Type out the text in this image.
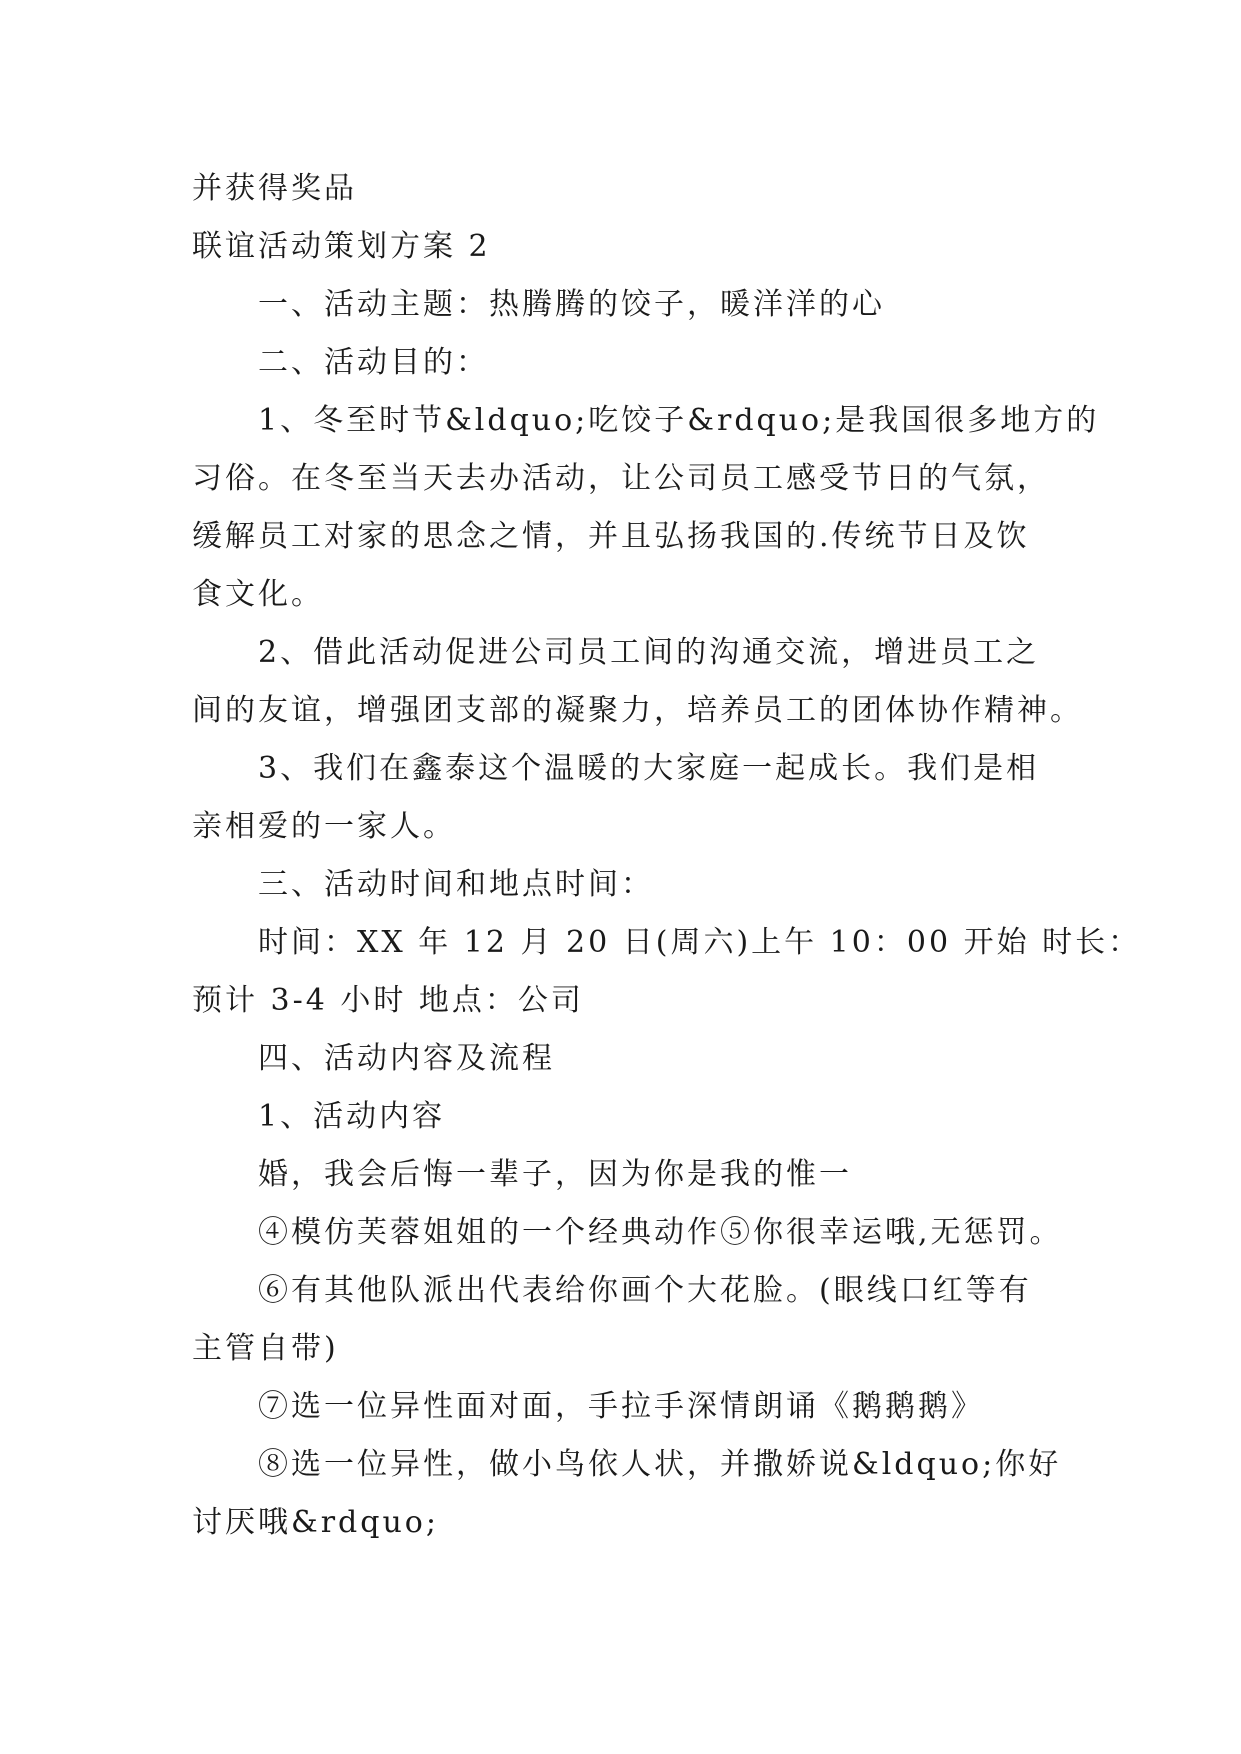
并获得奖品
联谊活动策划方案 2
一、活动主题：热腾腾的饺子，暖洋洋的心
二、活动目的：
1、冬至时节&ldquo;吃饺子&rdquo;是我国很多地方的
习俗。在冬至当天去办活动，让公司员工感受节日的气氛，
缓解员工对家的思念之情，并且弘扬我国的.传统节日及饮
食文化。
2、借此活动促进公司员工间的沟通交流，增进员工之
间的友谊，增强团支部的凝聚力，培养员工的团体协作精神。
3、我们在鑫泰这个温暖的大家庭一起成长。我们是相
亲相爱的一家人。
三、活动时间和地点时间：
时间：XX 年 12 月 20 日(周六)上午 10：00 开始 时长：
预计 3-4 小时 地点：公司
四、活动内容及流程
1、活动内容
婚，我会后悔一辈子，因为你是我的惟一
④模仿芙蓉姐姐的一个经典动作⑤你很幸运哦,无惩罚。
⑥有其他队派出代表给你画个大花脸。(眼线口红等有
主管自带)
⑦选一位异性面对面，手拉手深情朗诵《鹅鹅鹅》
⑧选一位异性，做小鸟依人状，并撒娇说&ldquo;你好
讨厌哦&rdquo;
